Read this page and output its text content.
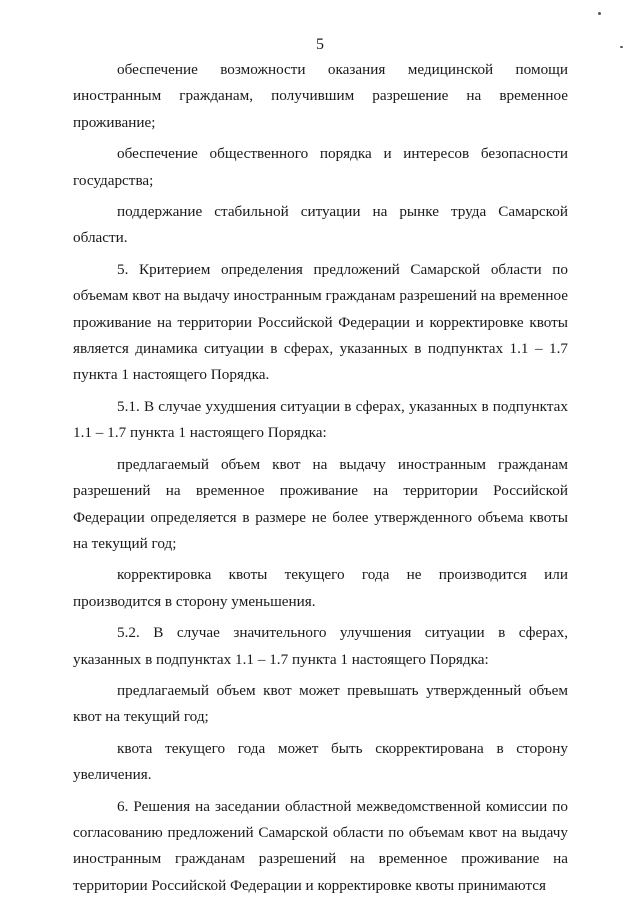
5

обеспечение возможности оказания медицинской помощи иностранным гражданам, получившим разрешение на временное проживание;

обеспечение общественного порядка и интересов безопасности государства;

поддержание стабильной ситуации на рынке труда Самарской области.

5. Критерием определения предложений Самарской области по объемам квот на выдачу иностранным гражданам разрешений на временное проживание на территории Российской Федерации и корректировке квоты является динамика ситуации в сферах, указанных в подпунктах 1.1 – 1.7 пункта 1 настоящего Порядка.

5.1. В случае ухудшения ситуации в сферах, указанных в подпунктах 1.1 – 1.7 пункта 1 настоящего Порядка:

предлагаемый объем квот на выдачу иностранным гражданам разрешений на временное проживание на территории Российской Федерации определяется в размере не более утвержденного объема квоты на текущий год;

корректировка квоты текущего года не производится или производится в сторону уменьшения.

5.2. В случае значительного улучшения ситуации в сферах, указанных в подпунктах 1.1 – 1.7 пункта 1 настоящего Порядка:

предлагаемый объем квот может превышать утвержденный объем квот на текущий год;

квота текущего года может быть скорректирована в сторону увеличения.

6. Решения на заседании областной межведомственной комиссии по согласованию предложений Самарской области по объемам квот на выдачу иностранным гражданам разрешений на временное проживание на территории Российской Федерации и корректировке квоты принимаются
